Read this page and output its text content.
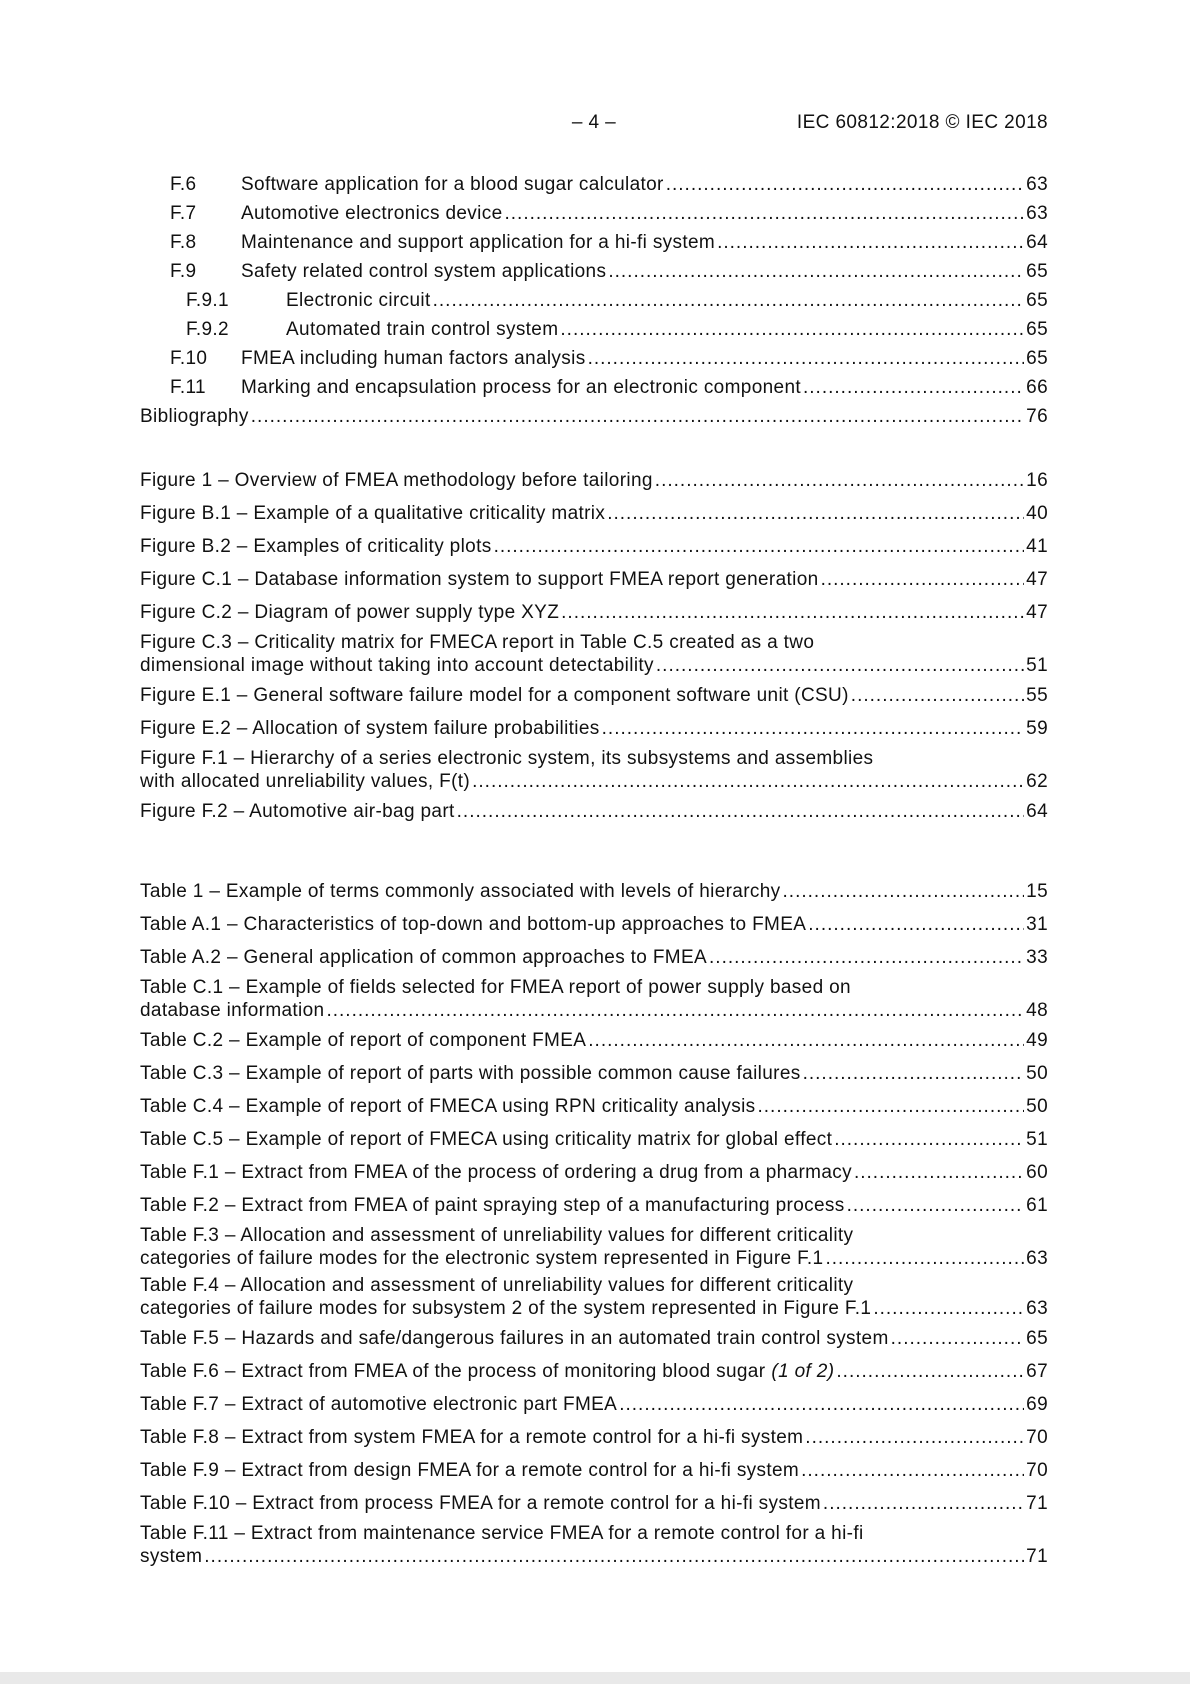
– 4 –	IEC 60812:2018 © IEC 2018
F.6	Software application for a blood sugar calculator .....	63
F.7	Automotive electronics device .....	63
F.8	Maintenance and support application for a hi-fi system .....	64
F.9	Safety related control system applications .....	65
F.9.1	Electronic circuit .....	65
F.9.2	Automated train control system .....	65
F.10	FMEA including human factors analysis .....	65
F.11	Marking and encapsulation process for an electronic component .....	66
Bibliography .....	76
Figure 1 – Overview of FMEA methodology before tailoring .....	16
Figure B.1 – Example of a qualitative criticality matrix .....	40
Figure B.2 – Examples of criticality plots .....	41
Figure C.1 – Database information system to support FMEA report generation .....	47
Figure C.2 – Diagram of power supply type XYZ .....	47
Figure C.3 – Criticality matrix for FMECA report in Table C.5 created as a two
dimensional image without taking into account detectability .....	51
Figure E.1 – General software failure model for a component software unit (CSU) .....	55
Figure E.2 – Allocation of system failure probabilities .....	59
Figure F.1 – Hierarchy of a series electronic system, its subsystems and assemblies
with allocated unreliability values, F(t) .....	62
Figure F.2 – Automotive air-bag part .....	64
Table 1 – Example of terms commonly associated with levels of hierarchy .....	15
Table A.1 – Characteristics of top-down and bottom-up approaches to FMEA .....	31
Table A.2 – General application of common approaches to FMEA .....	33
Table C.1 – Example of fields selected for FMEA report of power supply based on
database information .....	48
Table C.2 – Example of report of component FMEA .....	49
Table C.3 – Example of report of parts with possible common cause failures .....	50
Table C.4 – Example of report of FMECA using RPN criticality analysis .....	50
Table C.5 – Example of report of FMECA using criticality matrix for global effect .....	51
Table F.1 – Extract from FMEA of the process of ordering a drug from a pharmacy .....	60
Table F.2 – Extract from FMEA of paint spraying step of a manufacturing process .....	61
Table F.3 – Allocation and assessment of unreliability values for different criticality
categories of failure modes for the electronic system represented in Figure F.1 .....	63
Table F.4 – Allocation and assessment of unreliability values for different criticality
categories of failure modes for subsystem 2 of the system represented in Figure F.1 .....	63
Table F.5 – Hazards and safe/dangerous failures in an automated train control system .....	65
Table F.6 – Extract from FMEA of the process of monitoring blood sugar (1 of 2) .....	67
Table F.7 – Extract of automotive electronic part FMEA .....	69
Table F.8 – Extract from system FMEA for a remote control for a hi-fi system .....	70
Table F.9 – Extract from design FMEA for a remote control for a hi-fi system .....	70
Table F.10 – Extract from process FMEA for a remote control for a hi-fi system .....	71
Table F.11 – Extract from maintenance service FMEA for a remote control for a hi-fi
system .....	71
